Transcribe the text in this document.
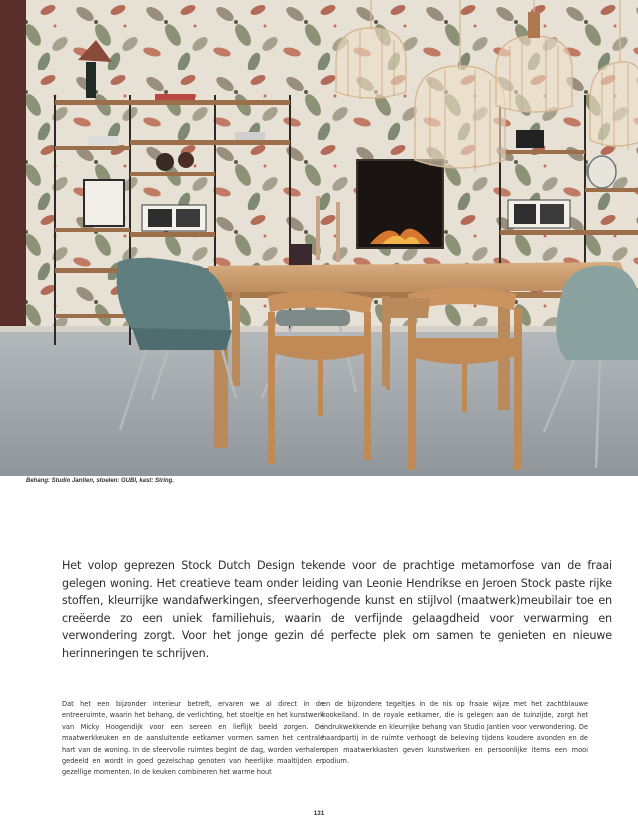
Behang: Studio Jantien, stoelen: GUBI, kast: String.
Het volop geprezen Stock Dutch Design tekende voor de prachtige metamorfose van de fraai gelegen woning. Het creatieve team onder leiding van Leonie Hendrikse en Jeroen Stock paste rijke stoffen, kleurrijke wandafwerkingen, sfeerverhogende kunst en stijlvol (maatwerk)meubilair toe en creëerde zo een uniek familiehuis, waarin de verfijnde gelaagdheid voor verwarming en verwondering zorgt. Voor het jonge gezin dé perfecte plek om samen te genieten en nieuwe herinneringen te schrijven.
Dat het een bijzonder interieur betreft, ervaren we al direct in de entreeruimte, waarin het behang, de verlichting, het stoeltje en het kunstwerk van Micky Hoogendijk voor een sereen en lieflijk beeld zorgen. De maatwerkkeuken en de aansluitende eetkamer vormen samen het centrale hart van de woning. In de sfeervolle ruimtes begint de dag, worden verhalen gedeeld en wordt in goed gezelschap genoten van heerlijke maaltijden en gezellige momenten. In de keuken combineren het warme hout
en de bijzondere tegeltjes in de nis op fraaie wijze met het zachtblauwe kookeiland. In de royale eetkamer, die is gelegen aan de tuinzijde, zorgt het indrukwekkende en kleurrijke behang van Studio Jantien voor verwondering. De haardpartij in de ruimte verhoogt de beleving tijdens koudere avonden en de open maatwerkkasten geven kunstwerken en persoonlijke items een mooi podium.
131
